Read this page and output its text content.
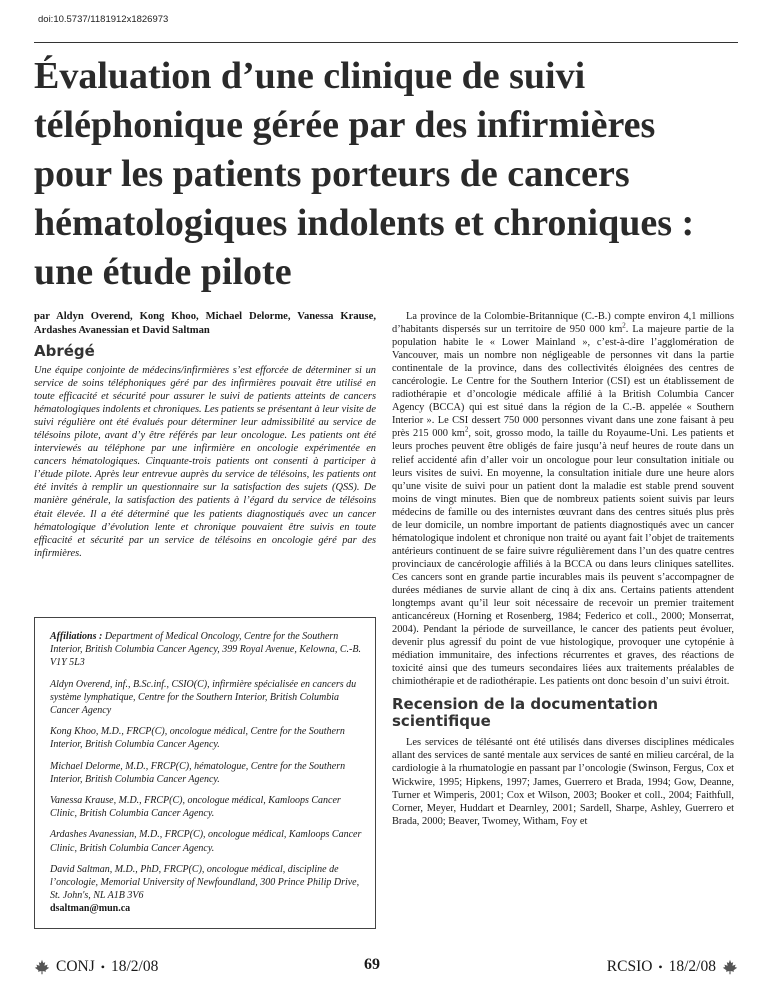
doi:10.5737/1181912x1826973
Évaluation d’une clinique de suivi téléphonique gérée par des infirmières pour les patients porteurs de cancers hématologiques indolents et chroniques : une étude pilote

par Aldyn Overend, Kong Khoo, Michael Delorme, Vanessa Krause, Ardashes Avanessian et David Saltman

Abrégé

Une équipe conjointe de médecins/infirmières s’est efforcée de déterminer si un service de soins téléphoniques géré par des infirmières pouvait être utilisé en toute efficacité et sécurité pour assurer le suivi de patients atteints de cancers hématologiques indolents et chroniques. Les patients se présentant à leur visite de suivi régulière ont été évalués pour déterminer leur admissibilité au service de télésoins pilote, avant d’y être référés par leur oncologue. Les patients ont été interviewés au téléphone par une infirmière en oncologie expérimentée en cancers hématologiques. Cinquante-trois patients ont consenti à participer à l’étude pilote. Après leur entrevue auprès du service de télésoins, les patients ont été invités à remplir un questionnaire sur la satisfaction des sujets (QSS). De manière générale, la satisfaction des patients à l’égard du service de télésoins était élevée. Il a été déterminé que les patients diagnostiqués avec un cancer hématologique d’évolution lente et chronique pouvaient être suivis en toute efficacité et sécurité par un service de télésoins en oncologie géré par des infirmières.

Affiliations : Department of Medical Oncology, Centre for the Southern Interior, British Columbia Cancer Agency, 399 Royal Avenue, Kelowna, C.-B. V1Y 5L3

Aldyn Overend, inf., B.Sc.inf., CSIO(C), infirmière spécialisée en cancers du système lymphatique, Centre for the Southern Interior, British Columbia Cancer Agency

Kong Khoo, M.D., FRCP(C), oncologue médical, Centre for the Southern Interior, British Columbia Cancer Agency.

Michael Delorme, M.D., FRCP(C), hématologue, Centre for the Southern Interior, British Columbia Cancer Agency.

Vanessa Krause, M.D., FRCP(C), oncologue médical, Kamloops Cancer Clinic, British Columbia Cancer Agency.

Ardashes Avanessian, M.D., FRCP(C), oncologue médical, Kamloops Cancer Clinic, British Columbia Cancer Agency.

David Saltman, M.D., PhD, FRCP(C), oncologue médical, discipline de l’oncologie, Memorial University of Newfoundland, 300 Prince Philip Drive, St. John's, NL A1B 3V6
dsaltman@mun.ca

La province de la Colombie-Britannique (C.-B.) compte environ 4,1 millions d’habitants dispersés sur un territoire de 950 000 $km^2$. La majeure partie de la population habite le « Lower Mainland », c’est-à-dire l’agglomération de Vancouver, mais un nombre non négligeable de personnes vit dans la partie continentale de la province, dans des collectivités éloignées des centres de cancérologie. Le Centre for the Southern Interior (CSI) est un établissement de radiothérapie et d’oncologie médicale affilié à la British Columbia Cancer Agency (BCCA) qui est situé dans la région de la C.-B. appelée « Southern Interior ». Le CSI dessert 750 000 personnes vivant dans une zone faisant à peu près 215 000 $km^2$, soit, grosso modo, la taille du Royaume-Uni. Les patients et leurs proches peuvent être obligés de faire jusqu’à neuf heures de route dans un relief accidenté afin d’aller voir un oncologue pour leur consultation initiale ou leurs visites de suivi. En moyenne, la consultation initiale dure une heure alors qu’une visite de suivi pour un patient dont la maladie est stable prend souvent moins de vingt minutes. Bien que de nombreux patients soient suivis par leurs médecins de famille ou des internistes œuvrant dans des centres situés plus près de leur domicile, un nombre important de patients diagnostiqués avec un cancer hématologique indolent et chronique non traité ou ayant fait l’objet de traitements antérieurs continuent de se faire suivre régulièrement dans l’un des quatre centres provinciaux de cancérologie affiliés à la BCCA ou dans leurs cliniques satellites. Ces cancers sont en grande partie incurables mais ils peuvent s’accompagner de durées médianes de survie allant de cinq à dix ans. Certains patients attendent longtemps avant qu’il leur soit nécessaire de recevoir un premier traitement anticancéreux (Horning et Rosenberg, 1984; Federico et coll., 2000; Monserrat, 2004). Pendant la période de surveillance, le cancer des patients peut évoluer, devenir plus agressif du point de vue histologique, provoquer une cytopénie à médiation immunitaire, des infections récurrentes et graves, des réactions de toxicité ainsi que des tumeurs secondaires liées aux traitements préalables de chimiothérapie et de radiothérapie. Les patients ont donc besoin d’un suivi étroit.

Recension de la documentation scientifique

Les services de télésanté ont été utilisés dans diverses disciplines médicales allant des services de santé mentale aux services de santé en milieu carcéral, de la cardiologie à la rhumatologie en passant par l’oncologie (Swinson, Fergus, Cox et Wickwire, 1995; Hipkens, 1997; James, Guerrero et Brada, 1994; Gow, Deanne, Turner et Wimperis, 2001; Cox et Wilson, 2003; Booker et coll., 2004; Faithfull, Corner, Meyer, Huddart et Dearnley, 2001; Sardell, Sharpe, Ashley, Guerrero et Brada, 2000; Beaver, Twomey, Witham, Foy et

CONJ • 18/2/08	69	RCSIO • 18/2/08
